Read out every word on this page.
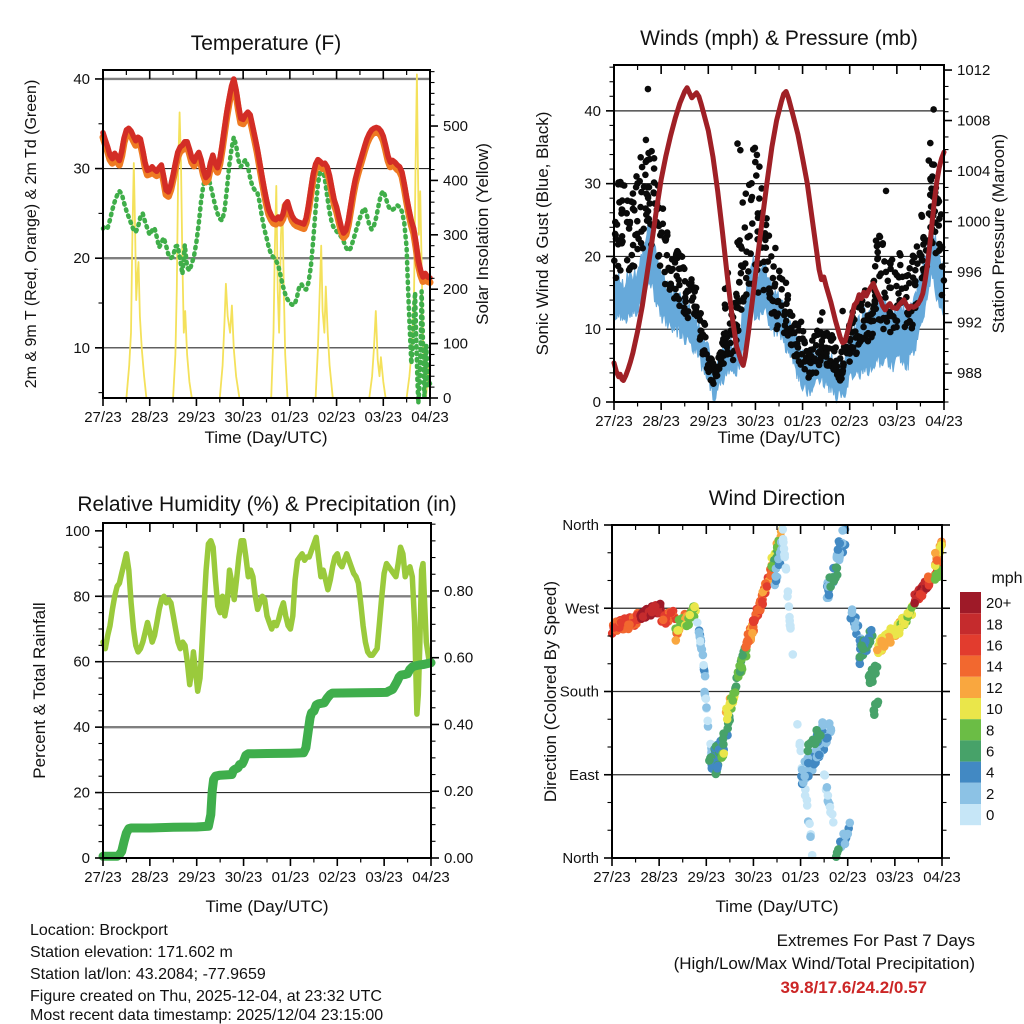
27/23 28/23 29/23 30/23 01/23 02/23 03/23 04/23
Time (Day/UTC)
Temperature (F)
10
20
30
40
2m & 9m T (Red, Orange) & 2m Td (Green)
0
100
200
300
400
500
Solar Insolation (Yellow)
27/23 28/23 29/23 30/23 01/23 02/23 03/23 04/23
Time (Day/UTC)
Winds (mph) & Pressure (mb)
0
10
20
30
40
Sonic Wind & Gust (Blue, Black)
988
992
996
1000
1004
1008
1012
Station Pressure (Maroon)
27/23 28/23 29/23 30/23 01/23 02/23 03/23 04/23
Time (Day/UTC)
Relative Humidity (%) & Precipitation (in)
0
20
40
60
80
100
Percent & Total Rainfall
0.00
0.20
0.40
0.60
0.80
27/23 28/23 29/23 30/23 01/23 02/23 03/23 04/23
Time (Day/UTC)
Wind Direction
North
West
South
East
North
Direction (Colored By Speed)
mph
20+
18
16
14
12
10
8
6
4
2
0
Location: Brockport
Station elevation: 171.602 m
Station lat/lon: 43.2084; -77.9659
Figure created on Thu, 2025-12-04, at 23:32 UTC
Most recent data timestamp: 2025/12/04 23:15:00
Extremes For Past 7 Days
(High/Low/Max Wind/Total Precipitation)
39.8/17.6/24.2/0.57
